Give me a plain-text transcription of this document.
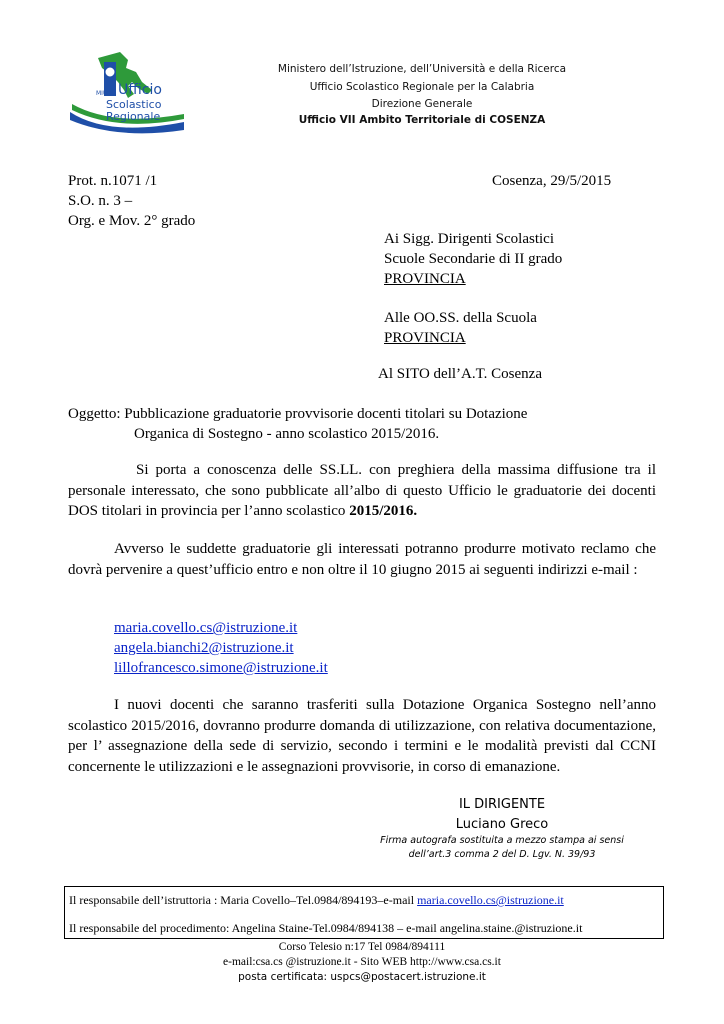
MIUR Ufficio
Scolastico
Regionale
Ministero dell’Istruzione, dell’Università e della Ricerca
Ufficio Scolastico Regionale per la Calabria
Direzione Generale
Ufficio VII Ambito Territoriale di COSENZA
Prot. n.1071 /1
S.O. n. 3 –
Org. e Mov. 2° grado
Cosenza, 29/5/2015
Ai Sigg. Dirigenti Scolastici
Scuole Secondarie di II grado
PROVINCIA
Alle OO.SS. della Scuola
PROVINCIA
Al SITO dell’A.T. Cosenza
Oggetto: Pubblicazione graduatorie provvisorie docenti titolari su Dotazione
Organica di Sostegno - anno scolastico 2015/2016.
Si porta a conoscenza delle SS.LL. con preghiera della massima diffusione tra il personale interessato, che sono pubblicate all’albo di questo Ufficio le graduatorie dei docenti DOS titolari in provincia per l’anno scolastico 2015/2016.
Avverso le suddette graduatorie gli interessati potranno produrre motivato reclamo che dovrà pervenire a quest’ufficio entro e non oltre il 10 giugno 2015 ai seguenti indirizzi e-mail :
maria.covello.cs@istruzione.it
angela.bianchi2@istruzione.it
lillofrancesco.simone@istruzione.it
I nuovi docenti che saranno trasferiti sulla Dotazione Organica Sostegno nell’anno scolastico 2015/2016, dovranno produrre domanda di utilizzazione, con relativa documentazione, per l’ assegnazione della sede di servizio, secondo i termini e le modalità previsti dal CCNI concernente le utilizzazioni e le assegnazioni provvisorie, in corso di emanazione.
IL DIRIGENTE
Luciano Greco
Firma autografa sostituita a mezzo stampa ai sensi
dell’art.3 comma 2 del D. Lgv. N. 39/93
Il responsabile dell’istruttoria : Maria Covello–Tel.0984/894193–e-mail maria.covello.cs@istruzione.it
Il responsabile del procedimento: Angelina Staine-Tel.0984/894138 – e-mail angelina.staine.@istruzione.it
Corso Telesio n:17 Tel 0984/894111
e-mail:csa.cs @istruzione.it - Sito WEB http://www.csa.cs.it
posta certificata: uspcs@postacert.istruzione.it
